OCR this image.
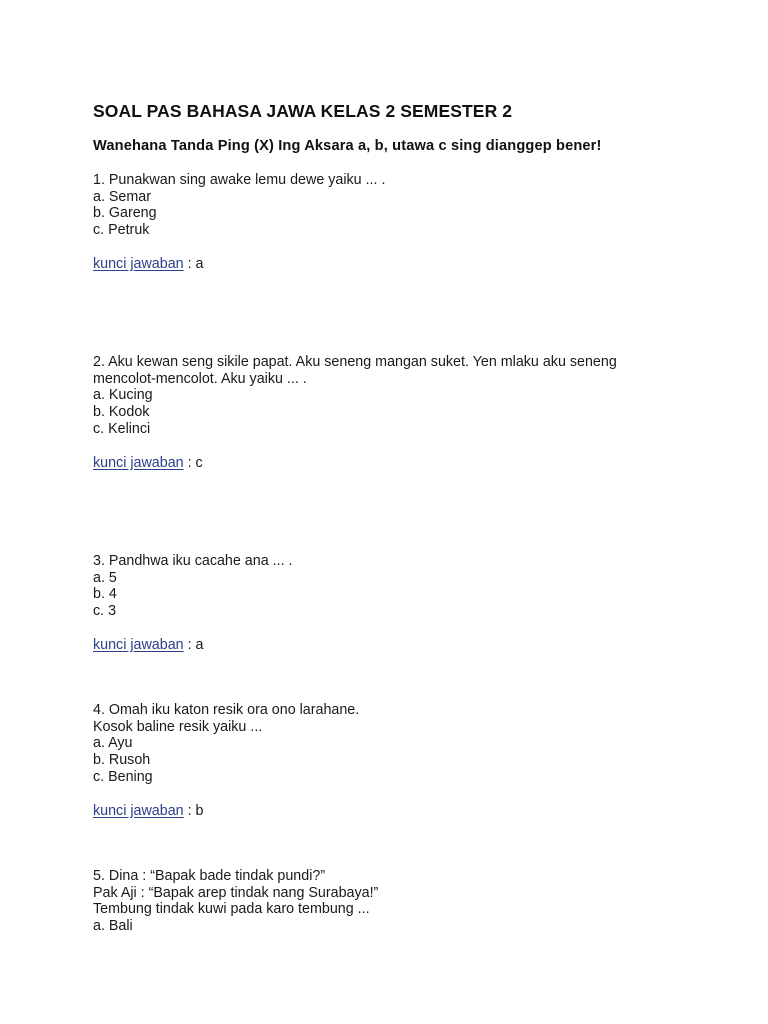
SOAL PAS BAHASA JAWA KELAS 2 SEMESTER 2
Wanehana Tanda Ping (X) Ing Aksara a, b, utawa c sing dianggep bener!
1. Punakwan sing awake lemu dewe yaiku ... .
a. Semar
b. Gareng
c. Petruk
kunci jawaban : a
2. Aku kewan seng sikile papat. Aku seneng mangan suket. Yen mlaku aku seneng
mencolot-mencolot. Aku yaiku ... .
a. Kucing
b. Kodok
c. Kelinci
kunci jawaban : c
3. Pandhwa iku cacahe ana ... .
a. 5
b. 4
c. 3
kunci jawaban : a
4. Omah iku katon resik ora ono larahane.
Kosok baline resik yaiku ...
a. Ayu
b. Rusoh
c. Bening
kunci jawaban : b
5. Dina : “Bapak bade tindak pundi?”
Pak Aji : “Bapak arep tindak nang Surabaya!”
Tembung tindak kuwi pada karo tembung ...
a. Bali
